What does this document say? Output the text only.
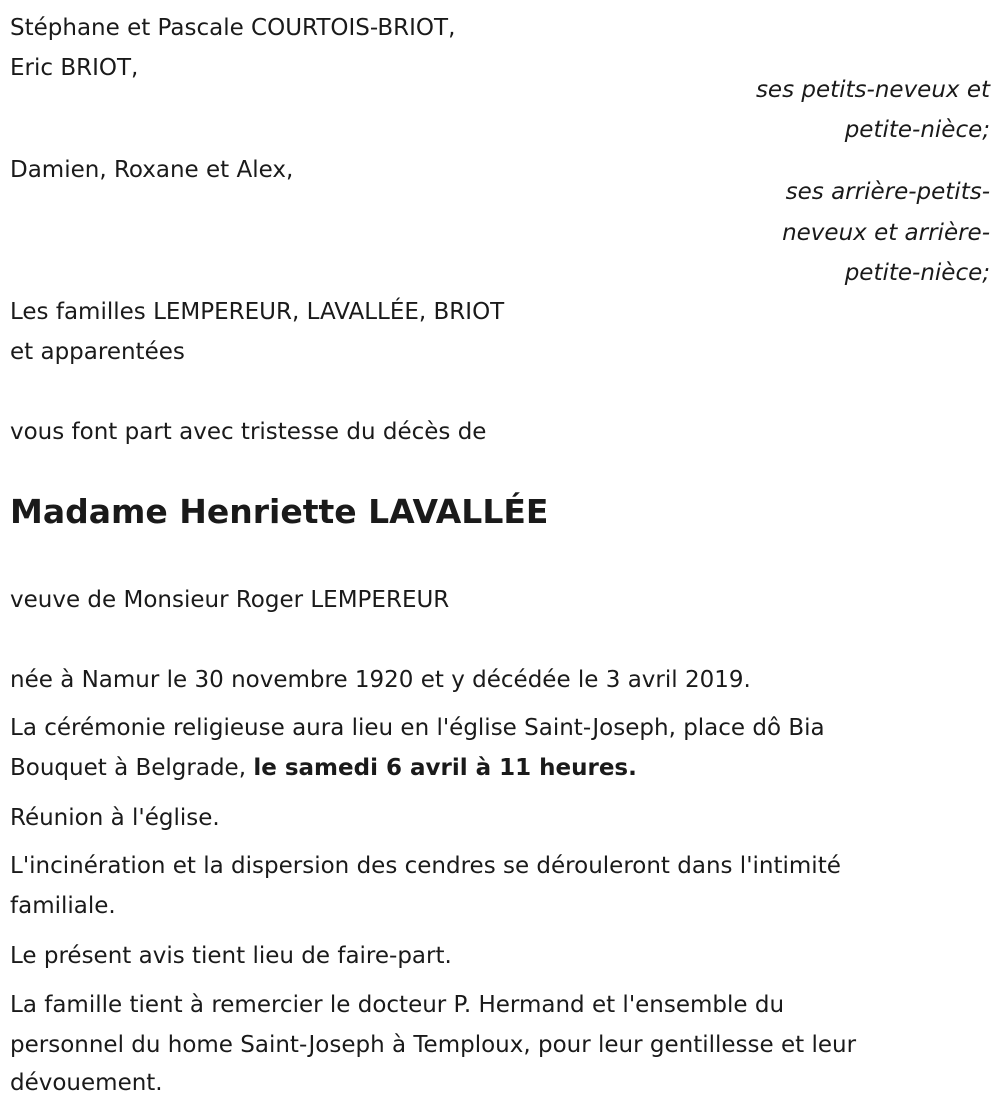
Stéphane et Pascale COURTOIS-BRIOT,
Eric BRIOT,
ses petits-neveux et
petite-nièce;
Damien, Roxane et Alex,
ses arrière-petits-
neveux et arrière-
petite-nièce;
Les familles LEMPEREUR, LAVALLÉE, BRIOT
et apparentées
vous font part avec tristesse du décès de
Madame Henriette LAVALLÉE
veuve de Monsieur Roger LEMPEREUR
née à Namur le 30 novembre 1920 et y décédée le 3 avril 2019.
La cérémonie religieuse aura lieu en l'église Saint-Joseph, place dô Bia
Bouquet à Belgrade, le samedi 6 avril à 11 heures.
Réunion à l'église.
L'incinération et la dispersion des cendres se dérouleront dans l'intimité
familiale.
Le présent avis tient lieu de faire-part.
La famille tient à remercier le docteur P. Hermand et l'ensemble du
personnel du home Saint-Joseph à Temploux, pour leur gentillesse et leur
dévouement.
